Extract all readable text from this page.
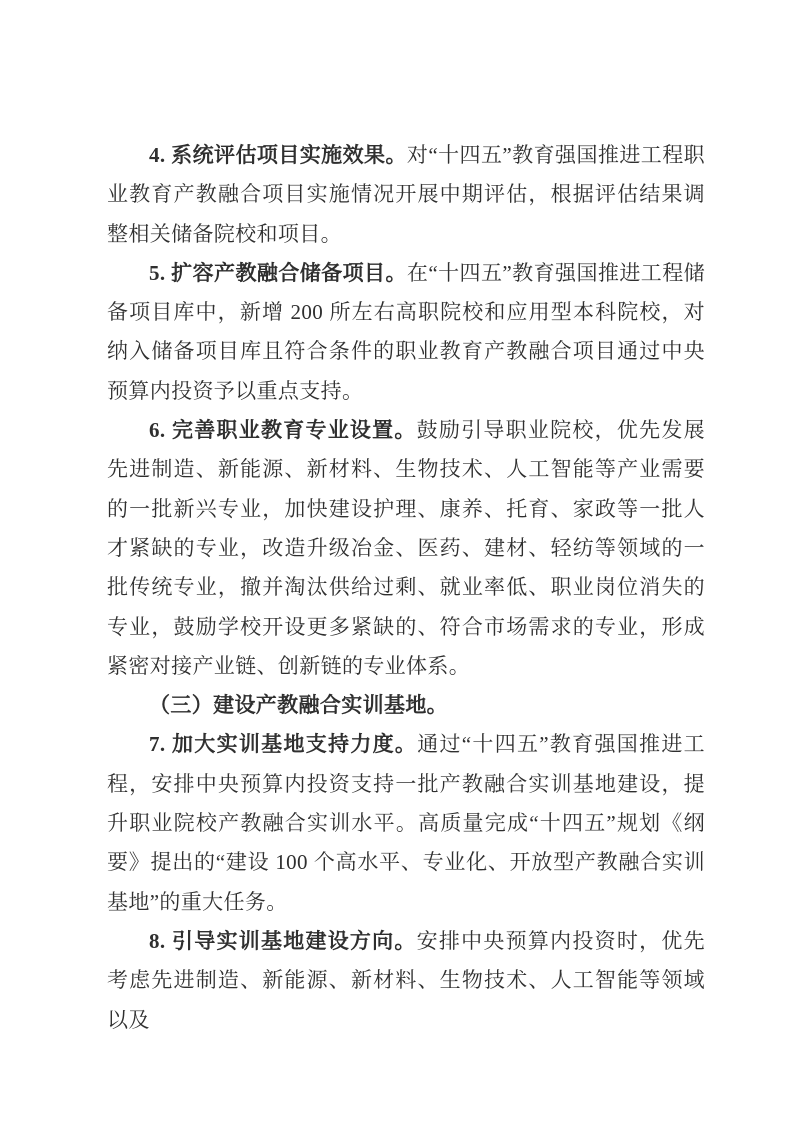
4. 系统评估项目实施效果。对“十四五”教育强国推进工程职业教育产教融合项目实施情况开展中期评估，根据评估结果调整相关储备院校和项目。

5. 扩容产教融合储备项目。在“十四五”教育强国推进工程储备项目库中，新增 200 所左右高职院校和应用型本科院校，对纳入储备项目库且符合条件的职业教育产教融合项目通过中央预算内投资予以重点支持。

6. 完善职业教育专业设置。鼓励引导职业院校，优先发展先进制造、新能源、新材料、生物技术、人工智能等产业需要的一批新兴专业，加快建设护理、康养、托育、家政等一批人才紧缺的专业，改造升级冶金、医药、建材、轻纺等领域的一批传统专业，撤并淘汰供给过剩、就业率低、职业岗位消失的专业，鼓励学校开设更多紧缺的、符合市场需求的专业，形成紧密对接产业链、创新链的专业体系。

（三）建设产教融合实训基地。

7. 加大实训基地支持力度。通过“十四五”教育强国推进工程，安排中央预算内投资支持一批产教融合实训基地建设，提升职业院校产教融合实训水平。高质量完成“十四五”规划《纲要》提出的“建设 100 个高水平、专业化、开放型产教融合实训基地”的重大任务。

8. 引导实训基地建设方向。安排中央预算内投资时，优先考虑先进制造、新能源、新材料、生物技术、人工智能等领域以及
